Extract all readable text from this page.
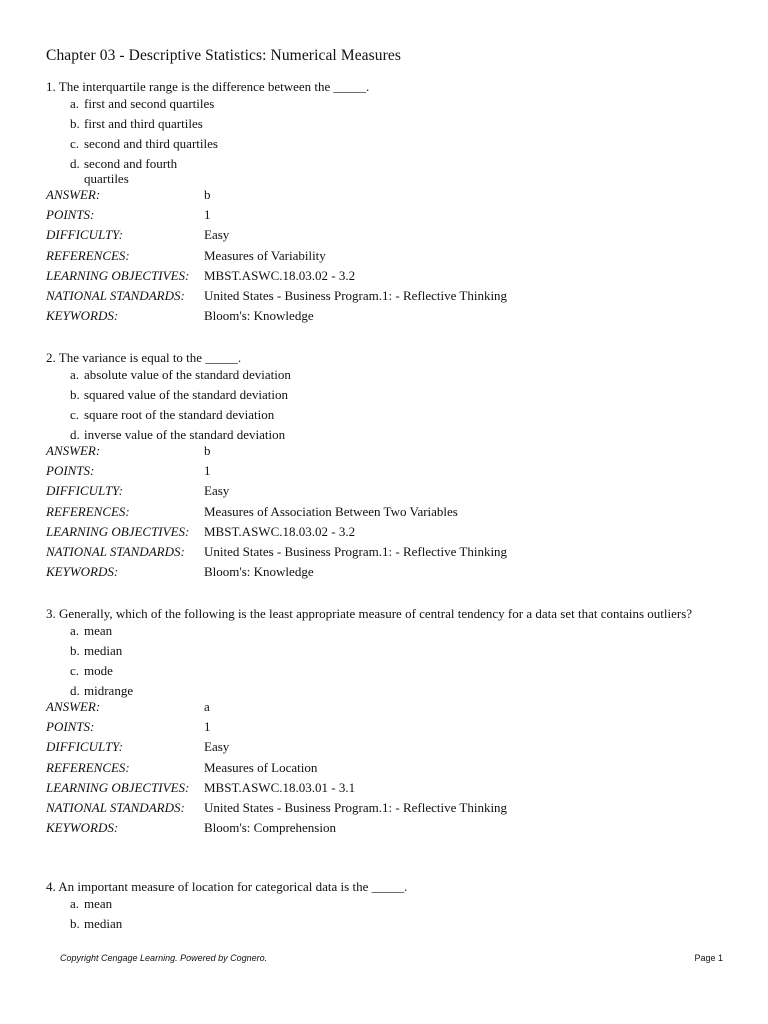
Chapter 03 - Descriptive Statistics: Numerical Measures
1. The interquartile range is the difference between the _____.
a. first and second quartiles
b. first and third quartiles
c. second and third quartiles
d. second and fourth quartiles
ANSWER:	b
POINTS:	1
DIFFICULTY:	Easy
REFERENCES:	Measures of Variability
LEARNING OBJECTIVES:	MBST.ASWC.18.03.02 - 3.2
NATIONAL STANDARDS:	United States - Business Program.1: - Reflective Thinking
KEYWORDS:	Bloom's: Knowledge
2. The variance is equal to the _____.
a. absolute value of the standard deviation
b. squared value of the standard deviation
c. square root of the standard deviation
d. inverse value of the standard deviation
ANSWER:	b
POINTS:	1
DIFFICULTY:	Easy
REFERENCES:	Measures of Association Between Two Variables
LEARNING OBJECTIVES:	MBST.ASWC.18.03.02 - 3.2
NATIONAL STANDARDS:	United States - Business Program.1: - Reflective Thinking
KEYWORDS:	Bloom's: Knowledge
3. Generally, which of the following is the least appropriate measure of central tendency for a data set that contains outliers?
a. mean
b. median
c. mode
d. midrange
ANSWER:	a
POINTS:	1
DIFFICULTY:	Easy
REFERENCES:	Measures of Location
LEARNING OBJECTIVES:	MBST.ASWC.18.03.01 - 3.1
NATIONAL STANDARDS:	United States - Business Program.1: - Reflective Thinking
KEYWORDS:	Bloom's: Comprehension
4. An important measure of location for categorical data is the _____.
a. mean
b. median
Copyright Cengage Learning. Powered by Cognero.	Page 1
